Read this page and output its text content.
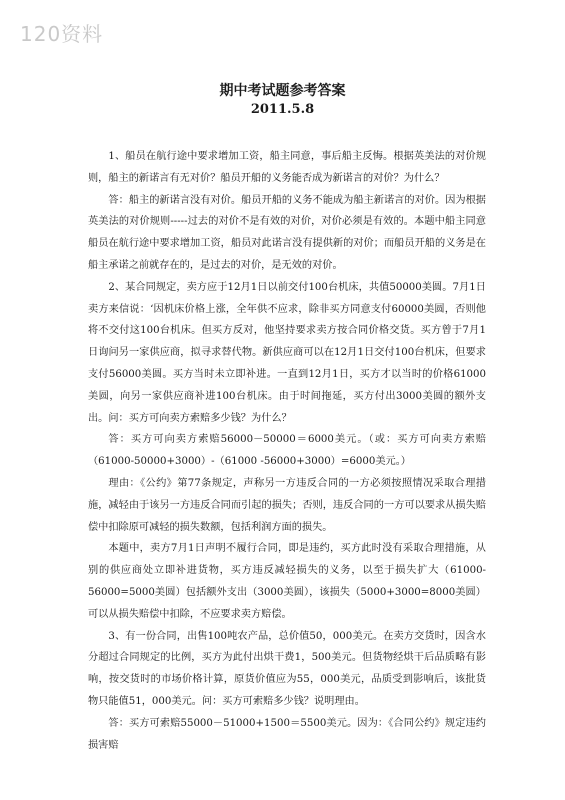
120资料
期中考试题参考答案
2011.5.8

1、船员在航行途中要求增加工资，船主同意，事后船主反悔。根据英美法的对价规则，船主的新诺言有无对价？船员开船的义务能否成为新诺言的对价？为什么？

答：船主的新诺言没有对价。船员开船的义务不能成为船主新诺言的对价。因为根据英美法的对价规则-----过去的对价不是有效的对价，对价必须是有效的。本题中船主同意船员在航行途中要求增加工资，船员对此诺言没有提供新的对价；而船员开船的义务是在船主承诺之前就存在的，是过去的对价，是无效的对价。

2、某合同规定，卖方应于12月1日以前交付100台机床，共值50000美圆。7月1日卖方来信说：‘因机床价格上涨，全年供不应求，除非买方同意支付60000美圆，否则他将不交付这100台机床。但买方反对，他坚持要求卖方按合同价格交货。买方曾于7月1日询问另一家供应商，拟寻求替代物。新供应商可以在12月1日交付100台机床，但要求支付56000美圆。买方当时未立即补进。一直到12月1日，买方才以当时的价格61000美圆，向另一家供应商补进100台机床。由于时间拖延，买方付出3000美圆的额外支出。问：买方可向卖方索赔多少钱？为什么？

答：买方可向卖方索赔56000－50000＝6000美元。（或：买方可向卖方索赔（61000-50000+3000）-（61000 -56000+3000）=6000美元。）

理由：《公约》第77条规定，声称另一方违反合同的一方必须按照情况采取合理措施，减轻由于该另一方违反合同而引起的损失；否则，违反合同的一方可以要求从损失赔偿中扣除原可减轻的损失数额，包括利润方面的损失。

本题中，卖方7月1日声明不履行合同，即是违约，买方此时没有采取合理措施，从别的供应商处立即补进货物，买方违反减轻损失的义务，以至于损失扩大（61000-56000=5000美圆）包括额外支出（3000美圆），该损失（5000+3000=8000美圆）可以从损失赔偿中扣除，不应要求卖方赔偿。

3、有一份合同，出售100吨农产品，总价值50，000美元。在卖方交货时，因含水分超过合同规定的比例，买方为此付出烘干费1，500美元。但货物经烘干后品质略有影响，按交货时的市场价格计算，原货价值应为55，000美元，品质受到影响后，该批货物只能值51，000美元。问：买方可索赔多少钱？说明理由。

答：买方可索赔55000－51000+1500＝5500美元。因为：《合同公约》规定违约损害赔
